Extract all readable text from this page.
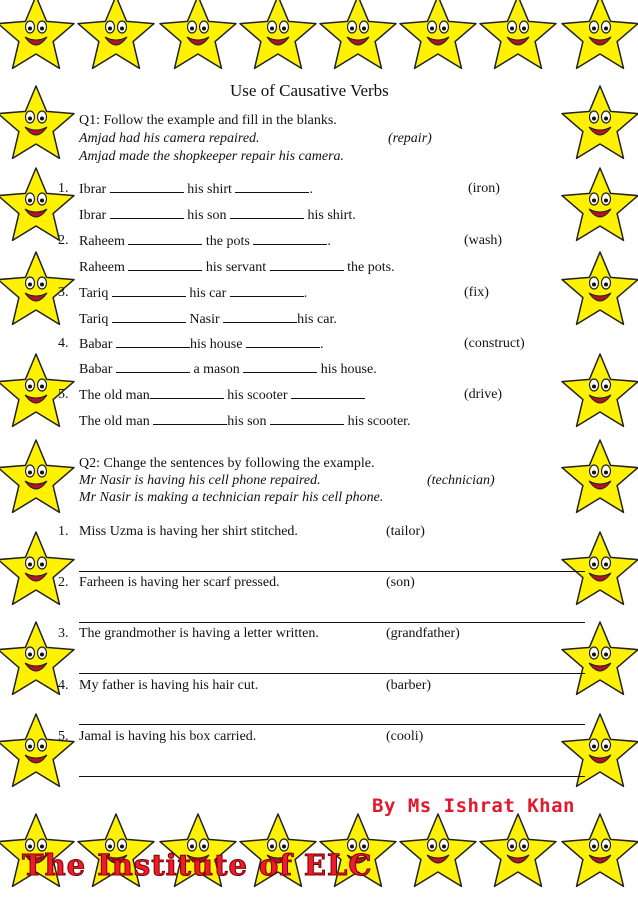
Use of Causative Verbs
Q1: Follow the example and fill in the blanks.
Amjad had his camera repaired.	(repair)
Amjad made the shopkeeper repair his camera.
1. Ibrar	his shirt	.	(iron)
Ibrar	his son	his shirt.
2. Raheem	the pots	.	(wash)
Raheem	his servant	the pots.
3. Tariq	his car	.	(fix)
Tariq	Nasir	his car.
4. Babar	his house	.	(construct)
Babar	a mason	his house.
5. The old man	his scooter	(drive)
The old man	his son	his scooter.
Q2: Change the sentences by following the example.
Mr Nasir is having his cell phone repaired.	(technician)
Mr Nasir is making a technician repair his cell phone.
1. Miss Uzma is having her shirt stitched.	(tailor)
2. Farheen is having her scarf pressed.	(son)
3. The grandmother is having a letter written.	(grandfather)
4. My father is having his hair cut.	(barber)
5. Jamal is having his box carried.	(cooli)
By Ms Ishrat Khan
The Institute of ELC
